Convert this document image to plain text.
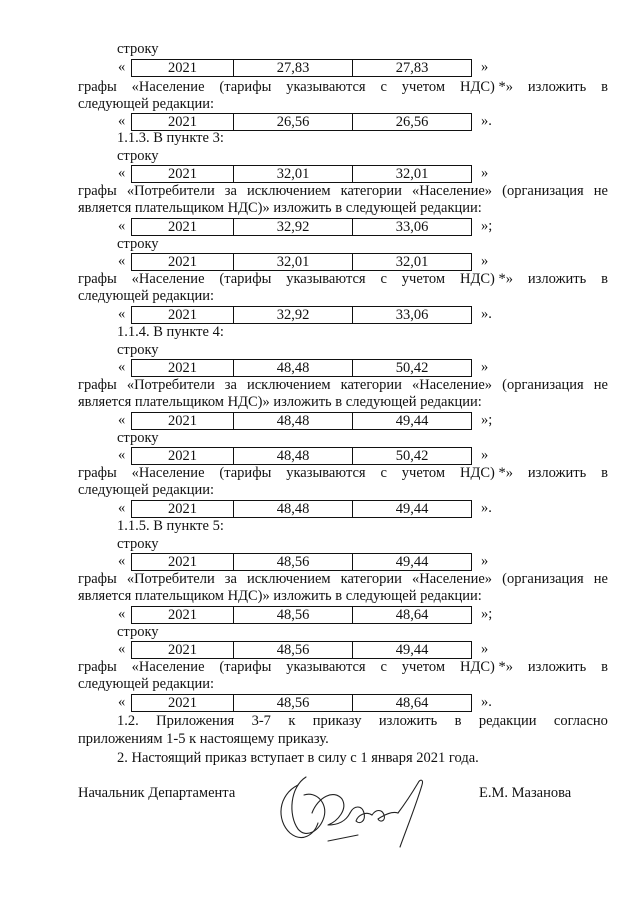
строку
«	2021	27,83	27,83	»
графы «Население (тарифы указываются с учетом НДС) *» изложить в
следующей редакции:
«	2021	26,56	26,56	».
1.1.3. В пункте 3:
строку
«	2021	32,01	32,01	»
графы «Потребители за исключением категории «Население» (организация не
является плательщиком НДС)» изложить в следующей редакции:
«	2021	32,92	33,06	»;
строку
«	2021	32,01	32,01	»
графы «Население (тарифы указываются с учетом НДС) *» изложить в
следующей редакции:
«	2021	32,92	33,06	».
1.1.4. В пункте 4:
строку
«	2021	48,48	50,42	»
графы «Потребители за исключением категории «Население» (организация не
является плательщиком НДС)» изложить в следующей редакции:
«	2021	48,48	49,44	»;
строку
«	2021	48,48	50,42	»
графы «Население (тарифы указываются с учетом НДС) *» изложить в
следующей редакции:
«	2021	48,48	49,44	».
1.1.5. В пункте 5:
строку
«	2021	48,56	49,44	»
графы «Потребители за исключением категории «Население» (организация не
является плательщиком НДС)» изложить в следующей редакции:
«	2021	48,56	48,64	»;
строку
«	2021	48,56	49,44	»
графы «Население (тарифы указываются с учетом НДС) *» изложить в
следующей редакции:
«	2021	48,56	48,64	».
1.2. Приложения 3-7 к приказу изложить в редакции согласно
приложениям 1-5 к настоящему приказу.
2. Настоящий приказ вступает в силу с 1 января 2021 года.
Начальник Департамента	Е.М. Мазанова
